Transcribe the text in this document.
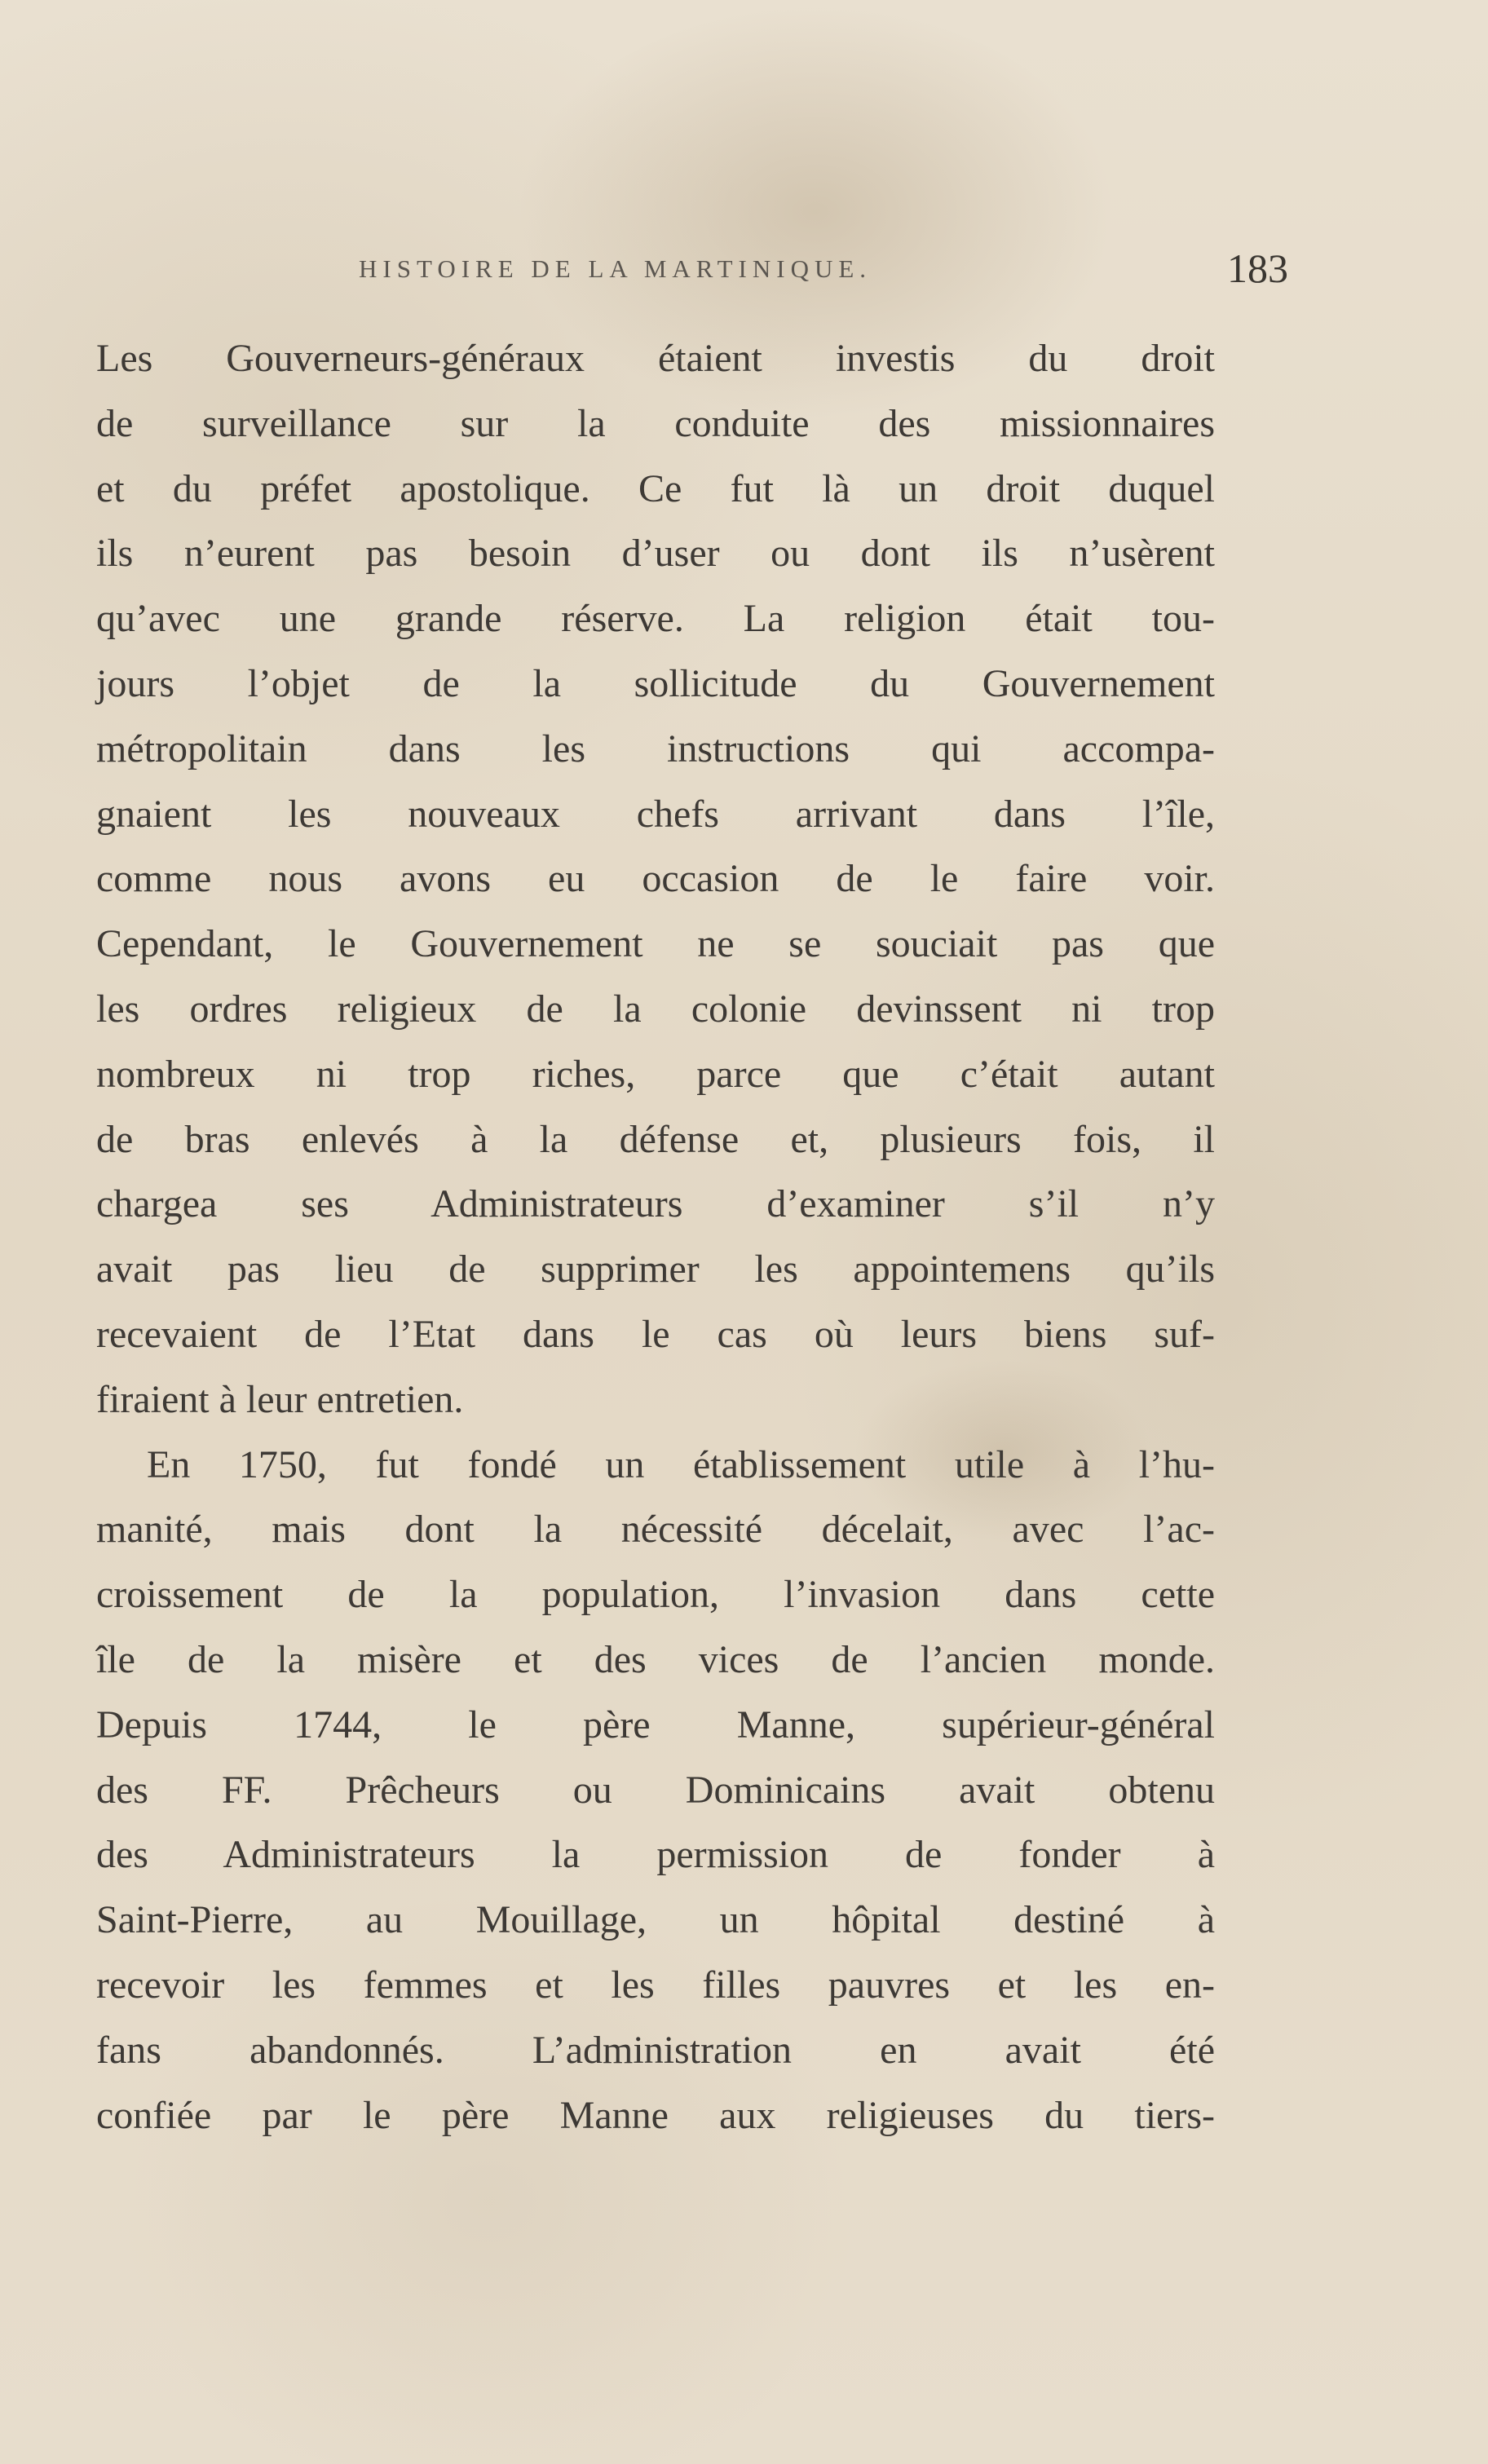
HISTOIRE DE LA MARTINIQUE.	183
Les Gouverneurs-généraux étaient investis du droit
de surveillance sur la conduite des missionnaires
et du préfet apostolique. Ce fut là un droit duquel
ils n’eurent pas besoin d’user ou dont ils n’usèrent
qu’avec une grande réserve. La religion était tou-
jours l’objet de la sollicitude du Gouvernement
métropolitain dans les instructions qui accompa-
gnaient les nouveaux chefs arrivant dans l’île,
comme nous avons eu occasion de le faire voir.
Cependant, le Gouvernement ne se souciait pas que
les ordres religieux de la colonie devinssent ni trop
nombreux ni trop riches, parce que c’était autant
de bras enlevés à la défense et, plusieurs fois, il
chargea ses Administrateurs d’examiner s’il n’y
avait pas lieu de supprimer les appointemens qu’ils
recevaient de l’Etat dans le cas où leurs biens suf-
firaient à leur entretien.
En 1750, fut fondé un établissement utile à l’hu-
manité, mais dont la nécessité décelait, avec l’ac-
croissement de la population, l’invasion dans cette
île de la misère et des vices de l’ancien monde.
Depuis 1744, le père Manne, supérieur-général
des FF. Prêcheurs ou Dominicains avait obtenu
des Administrateurs la permission de fonder à
Saint-Pierre, au Mouillage, un hôpital destiné à
recevoir les femmes et les filles pauvres et les en-
fans abandonnés. L’administration en avait été
confiée par le père Manne aux religieuses du tiers-
